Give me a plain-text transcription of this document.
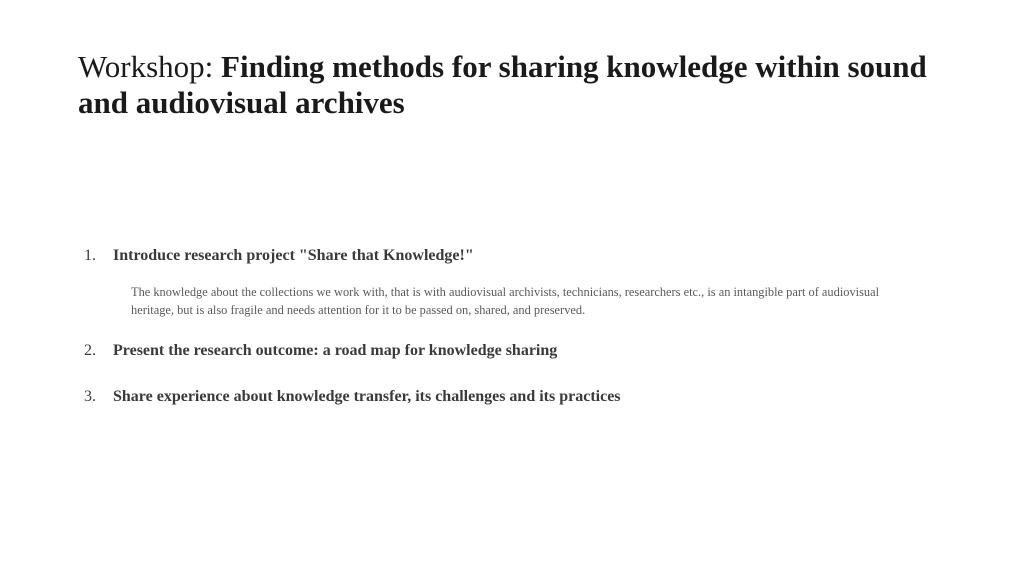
Workshop: Finding methods for sharing knowledge within sound and audiovisual archives
1. Introduce research project "Share that Knowledge!"
The knowledge about the collections we work with, that is with audiovisual archivists, technicians, researchers etc., is an intangible part of audiovisual heritage, but is also fragile and needs attention for it to be passed on, shared, and preserved.
2. Present the research outcome: a road map for knowledge sharing
3. Share experience about knowledge transfer, its challenges and its practices
